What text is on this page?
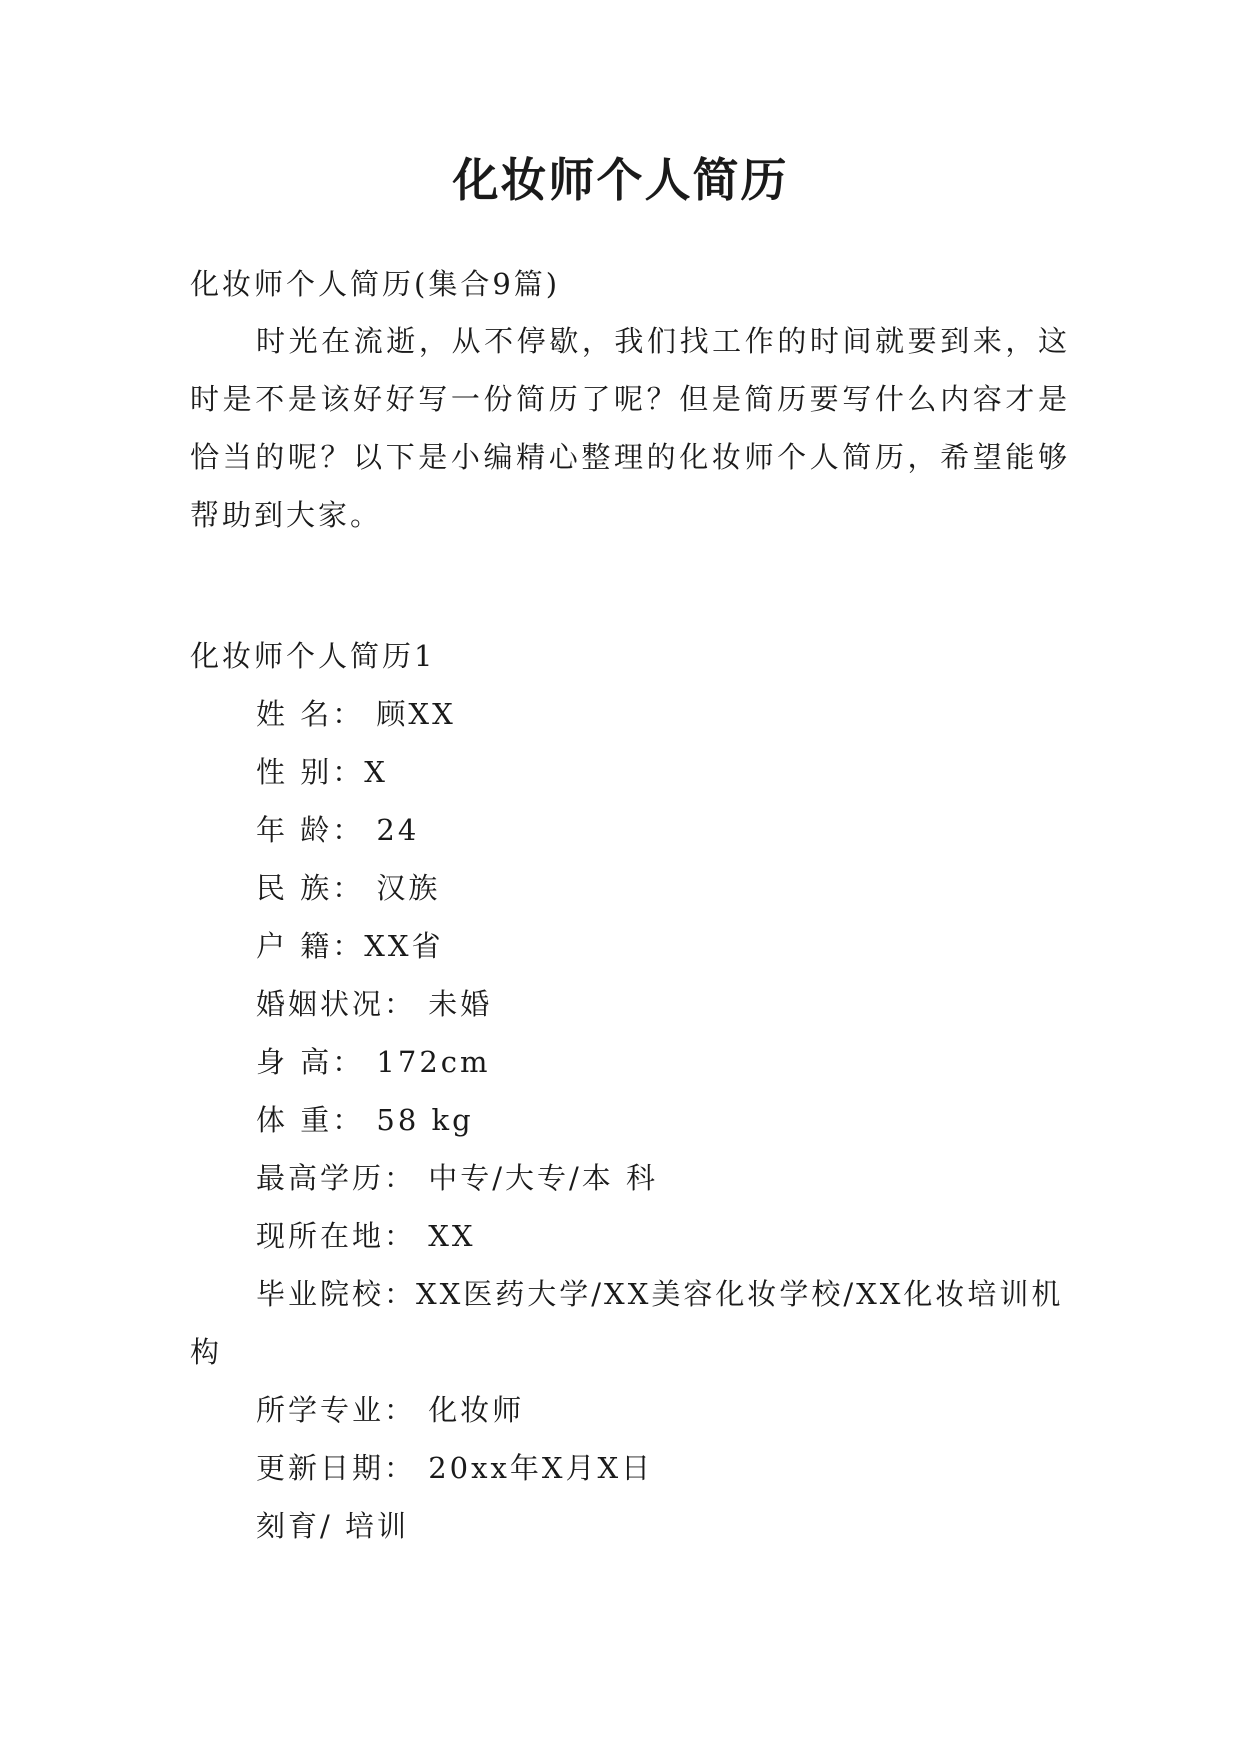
化妆师个人简历
化妆师个人简历(集合9篇)

时光在流逝，从不停歇，我们找工作的时间就要到来，这时是不是该好好写一份简历了呢？但是简历要写什么内容才是恰当的呢？以下是小编精心整理的化妆师个人简历，希望能够帮助到大家。

化妆师个人简历1
姓 名： 顾XX
性 别：X
年 龄： 24
民 族： 汉族
户 籍：XX省
婚姻状况： 未婚
身 高： 172cm
体 重： 58 kg
最高学历： 中专/大专/本 科
现所在地： XX

毕业院校：XX医药大学/XX美容化妆学校/XX化妆培训机构

所学专业： 化妆师
更新日期： 20xx年X月X日
刻育/ 培训
